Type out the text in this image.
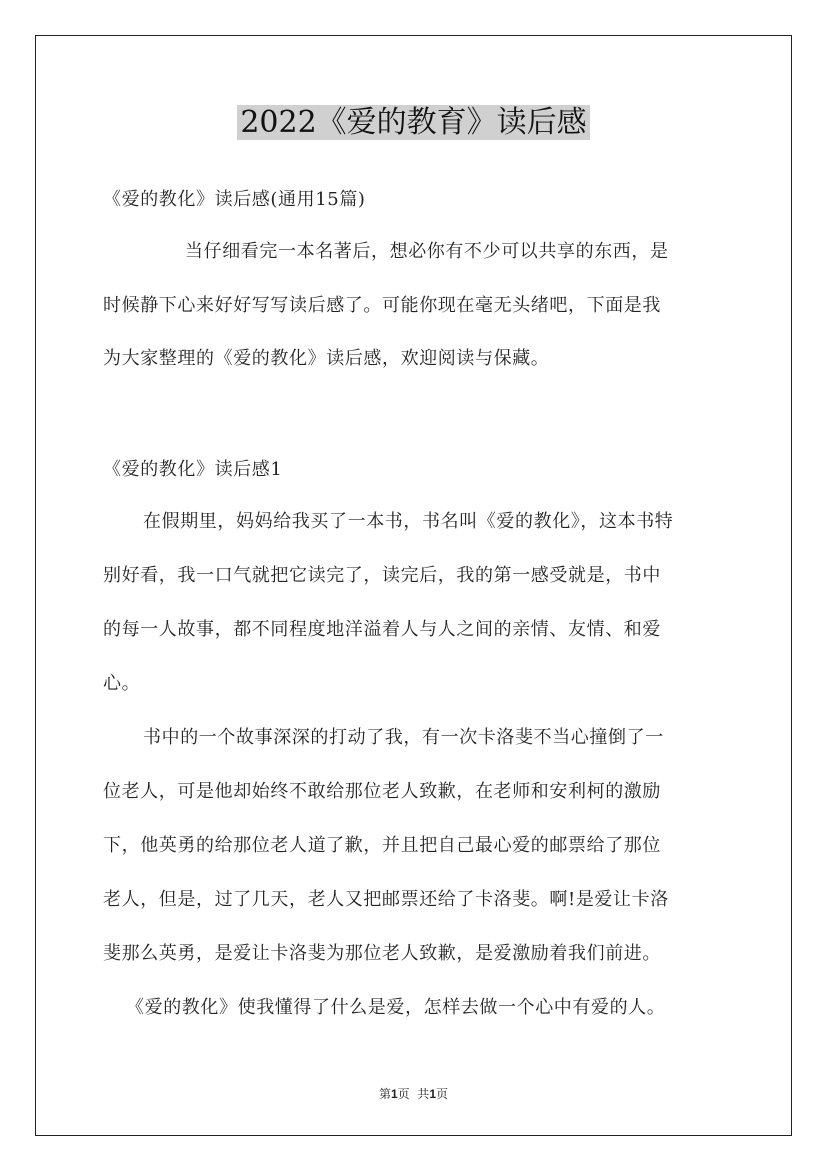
2022《爱的教育》读后感
《爱的教化》读后感(通用15篇)
当仔细看完一本名著后，想必你有不少可以共享的东西，是
时候静下心来好好写写读后感了。可能你现在毫无头绪吧，下面是我
为大家整理的《爱的教化》读后感，欢迎阅读与保藏。
《爱的教化》读后感1
在假期里，妈妈给我买了一本书，书名叫《爱的教化》，这本书特
别好看，我一口气就把它读完了，读完后，我的第一感受就是，书中
的每一人故事，都不同程度地洋溢着人与人之间的亲情、友情、和爱
心。
书中的一个故事深深的打动了我，有一次卡洛斐不当心撞倒了一
位老人，可是他却始终不敢给那位老人致歉，在老师和安利柯的激励
下，他英勇的给那位老人道了歉，并且把自己最心爱的邮票给了那位
老人，但是，过了几天，老人又把邮票还给了卡洛斐。啊!是爱让卡洛
斐那么英勇，是爱让卡洛斐为那位老人致歉，是爱激励着我们前进。
《爱的教化》使我懂得了什么是爱，怎样去做一个心中有爱的人。
第1页  共1页
